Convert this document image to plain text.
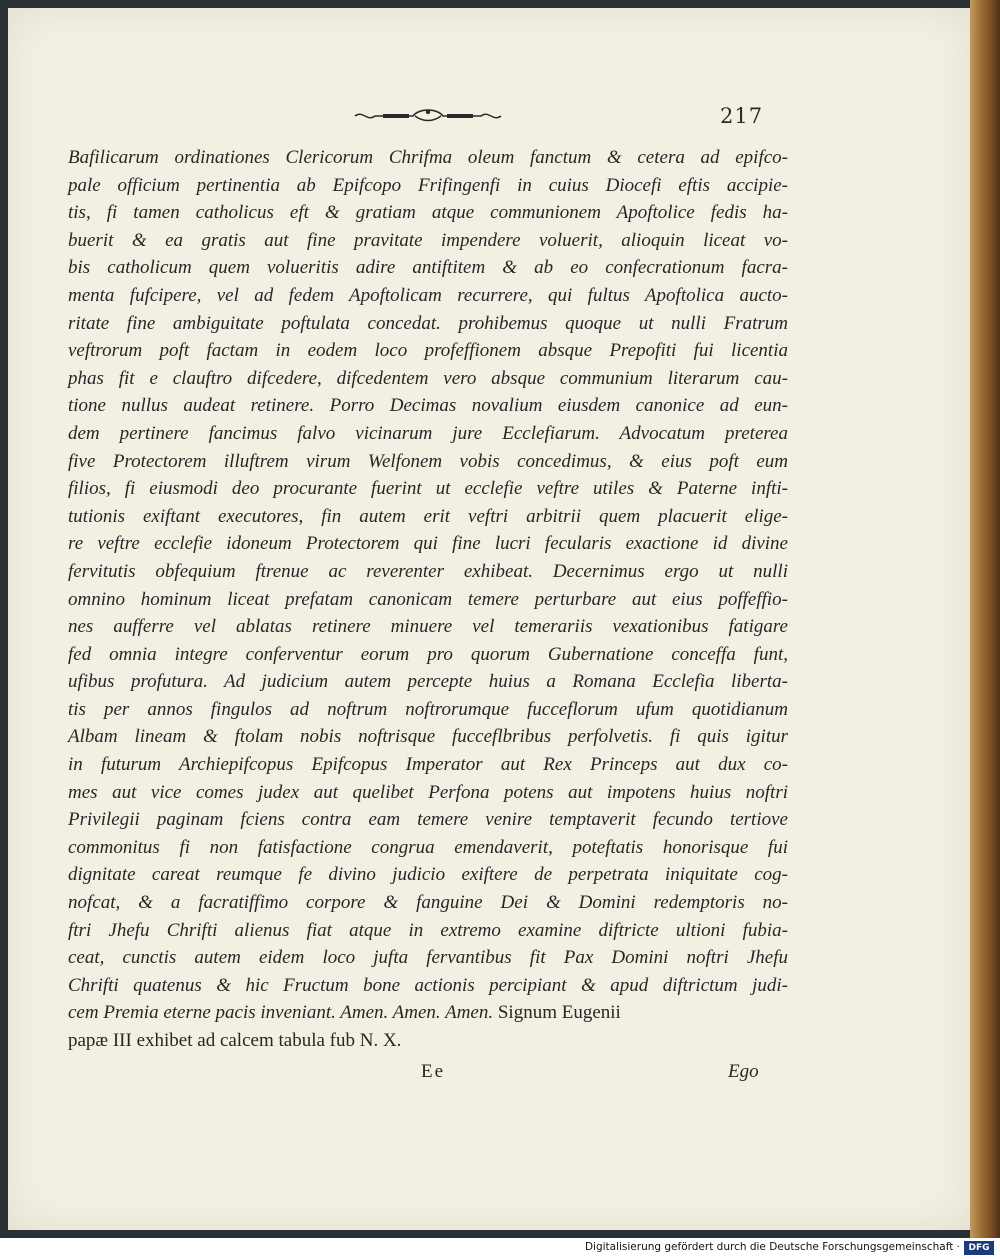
217
Bafilicarum ordinationes Clericorum Chrifma oleum fanctum & cetera ad epifco-
pale officium pertinentia ab Epifcopo Frifingenfi in cuius Diocefi eftis accipie-
tis, fi tamen catholicus eft & gratiam atque communionem Apoftolice fedis ha-
buerit & ea gratis aut fine pravitate impendere voluerit, alioquin liceat vo-
bis catholicum quem volueritis adire antiftitem & ab eo confecrationum facra-
menta fufcipere, vel ad fedem Apoftolicam recurrere, qui fultus Apoftolica aucto-
ritate fine ambiguitate poftulata concedat. prohibemus quoque ut nulli Fratrum
veftrorum poft factam in eodem loco profeffionem absque Prepofiti fui licentia
phas fit e clauftro difcedere, difcedentem vero absque communium literarum cau-
tione nullus audeat retinere. Porro Decimas novalium eiusdem canonice ad eun-
dem pertinere fancimus falvo vicinarum jure Ecclefiarum. Advocatum preterea
five Protectorem illuftrem virum Welfonem vobis concedimus, & eius poft eum
filios, fi eiusmodi deo procurante fuerint ut ecclefie veftre utiles & Paterne infti-
tutionis exiftant executores, fin autem erit veftri arbitrii quem placuerit elige-
re veftre ecclefie idoneum Protectorem qui fine lucri fecularis exactione id divine
fervitutis obfequium ftrenue ac reverenter exhibeat. Decernimus ergo ut nulli
omnino hominum liceat prefatam canonicam temere perturbare aut eius poffeffio-
nes aufferre vel ablatas retinere minuere vel temerariis vexationibus fatigare
fed omnia integre conferventur eorum pro quorum Gubernatione conceffa funt,
ufibus profutura. Ad judicium autem percepte huius a Romana Ecclefia liberta-
tis per annos fingulos ad noftrum noftrorumque fucceflorum ufum quotidianum
Albam lineam & ftolam nobis noftrisque fucceflbribus perfolvetis. fi quis igitur
in futurum Archiepifcopus Epifcopus Imperator aut Rex Princeps aut dux co-
mes aut vice comes judex aut quelibet Perfona potens aut impotens huius noftri
Privilegii paginam fciens contra eam temere venire temptaverit fecundo tertiove
commonitus fi non fatisfactione congrua emendaverit, poteftatis honorisque fui
dignitate careat reumque fe divino judicio exiftere de perpetrata iniquitate cog-
nofcat, & a facratiffimo corpore & fanguine Dei & Domini redemptoris no-
ftri Jhefu Chrifti alienus fiat atque in extremo examine diftricte ultioni fubia-
ceat, cunctis autem eidem loco jufta fervantibus fit Pax Domini noftri Jhefu
Chrifti quatenus & hic Fructum bone actionis percipiant & apud diftrictum judi-
cem Premia eterne pacis inveniant. Amen. Amen. Amen. Signum Eugenii
papæ III exhibet ad calcem tabula fub N. X.
Ee	Ego
Digitalisierung gefördert durch die Deutsche Forschungsgemeinschaft · DFG
